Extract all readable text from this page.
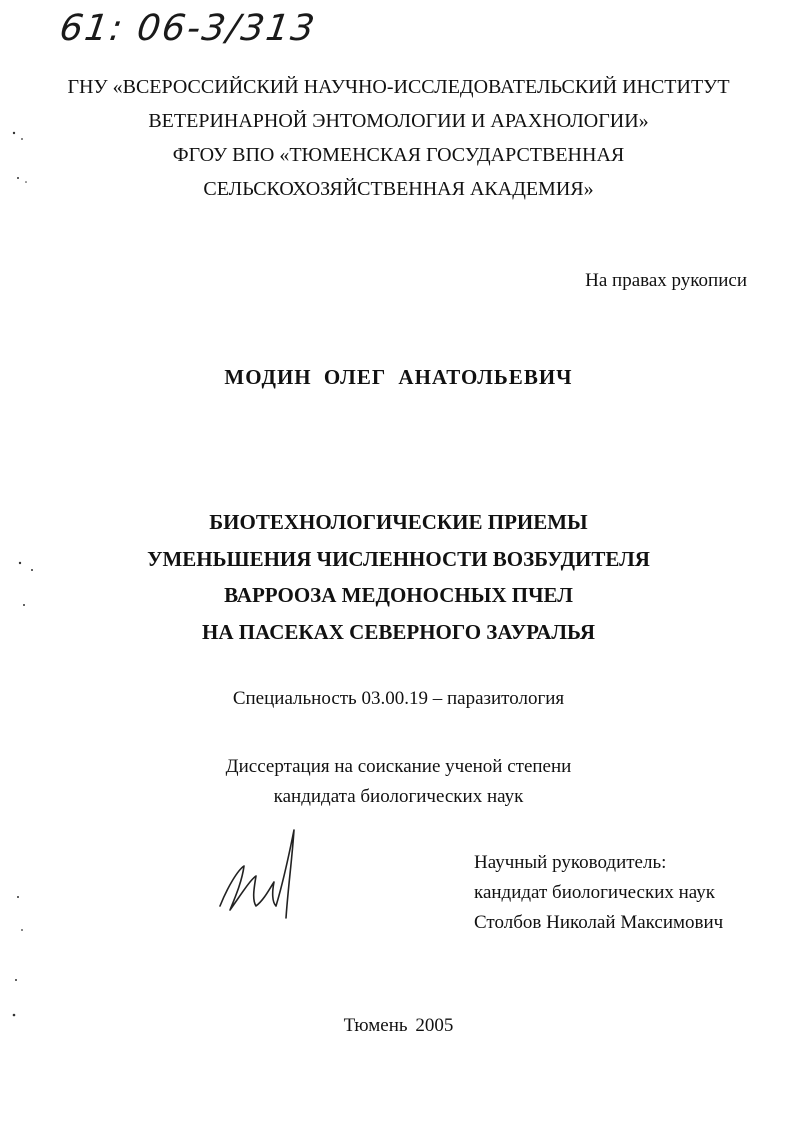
61: 06-3/313
ГНУ «ВСЕРОССИЙСКИЙ НАУЧНО-ИССЛЕДОВАТЕЛЬСКИЙ ИНСТИТУТ
ВЕТЕРИНАРНОЙ ЭНТОМОЛОГИИ И АРАХНОЛОГИИ»
ФГОУ ВПО «ТЮМЕНСКАЯ ГОСУДАРСТВЕННАЯ
СЕЛЬСКОХОЗЯЙСТВЕННАЯ АКАДЕМИЯ»
На правах рукописи
МОДИН ОЛЕГ АНАТОЛЬЕВИЧ
БИОТЕХНОЛОГИЧЕСКИЕ ПРИЕМЫ
УМЕНЬШЕНИЯ ЧИСЛЕННОСТИ ВОЗБУДИТЕЛЯ
ВАРРООЗА МЕДОНОСНЫХ ПЧЕЛ
НА ПАСЕКАХ СЕВЕРНОГО ЗАУРАЛЬЯ
Специальность 03.00.19 – паразитология
Диссертация на соискание ученой степени
кандидата биологических наук
Научный руководитель:
кандидат биологических наук
Столбов Николай Максимович
Тюмень 2005
